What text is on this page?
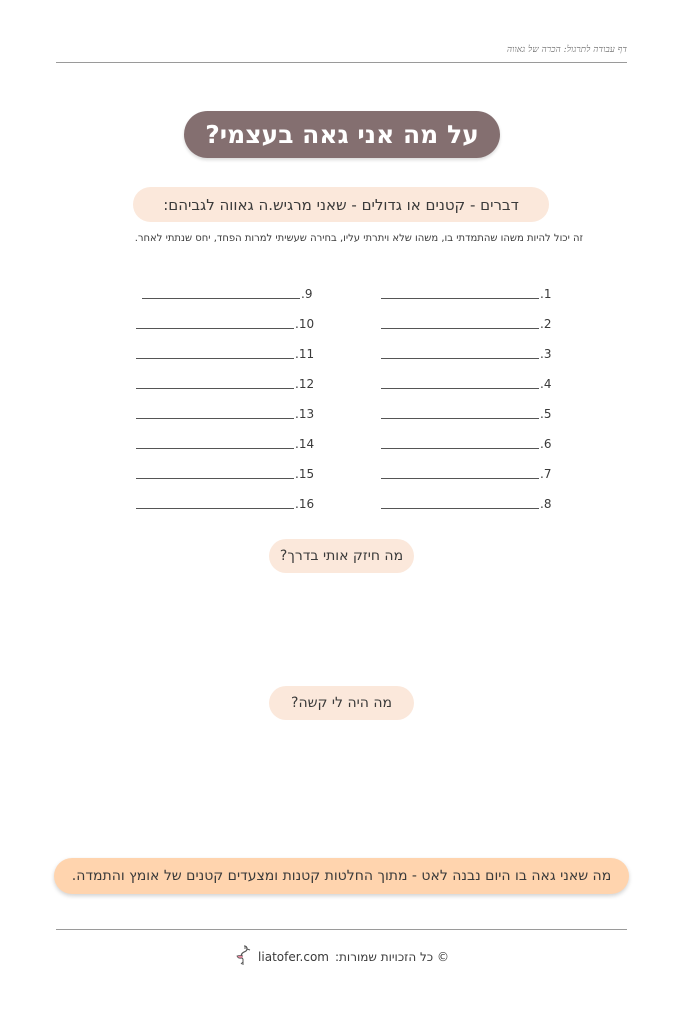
דף עבודה לתרגול: הכרה של גאווה
על מה אני גאה בעצמי?
דברים - קטנים או גדולים - שאני מרגיש.ה גאווה לגביהם:
זה יכול להיות משהו שהתמדתי בו, משהו שלא ויתרתי עליו, בחירה שעשיתי למרות הפחד, יחס שנתתי לאחר.
1.
2.
3.
4.
5.
6.
7.
8.
9.
10.
11.
12.
13.
14.
15.
16.
מה חיזק אותי בדרך?
מה היה לי קשה?
מה שאני גאה בו היום נבנה לאט - מתוך החלטות קטנות ומצעדים קטנים של אומץ והתמדה.
© כל הזכויות שמורות:
liatofer.com
